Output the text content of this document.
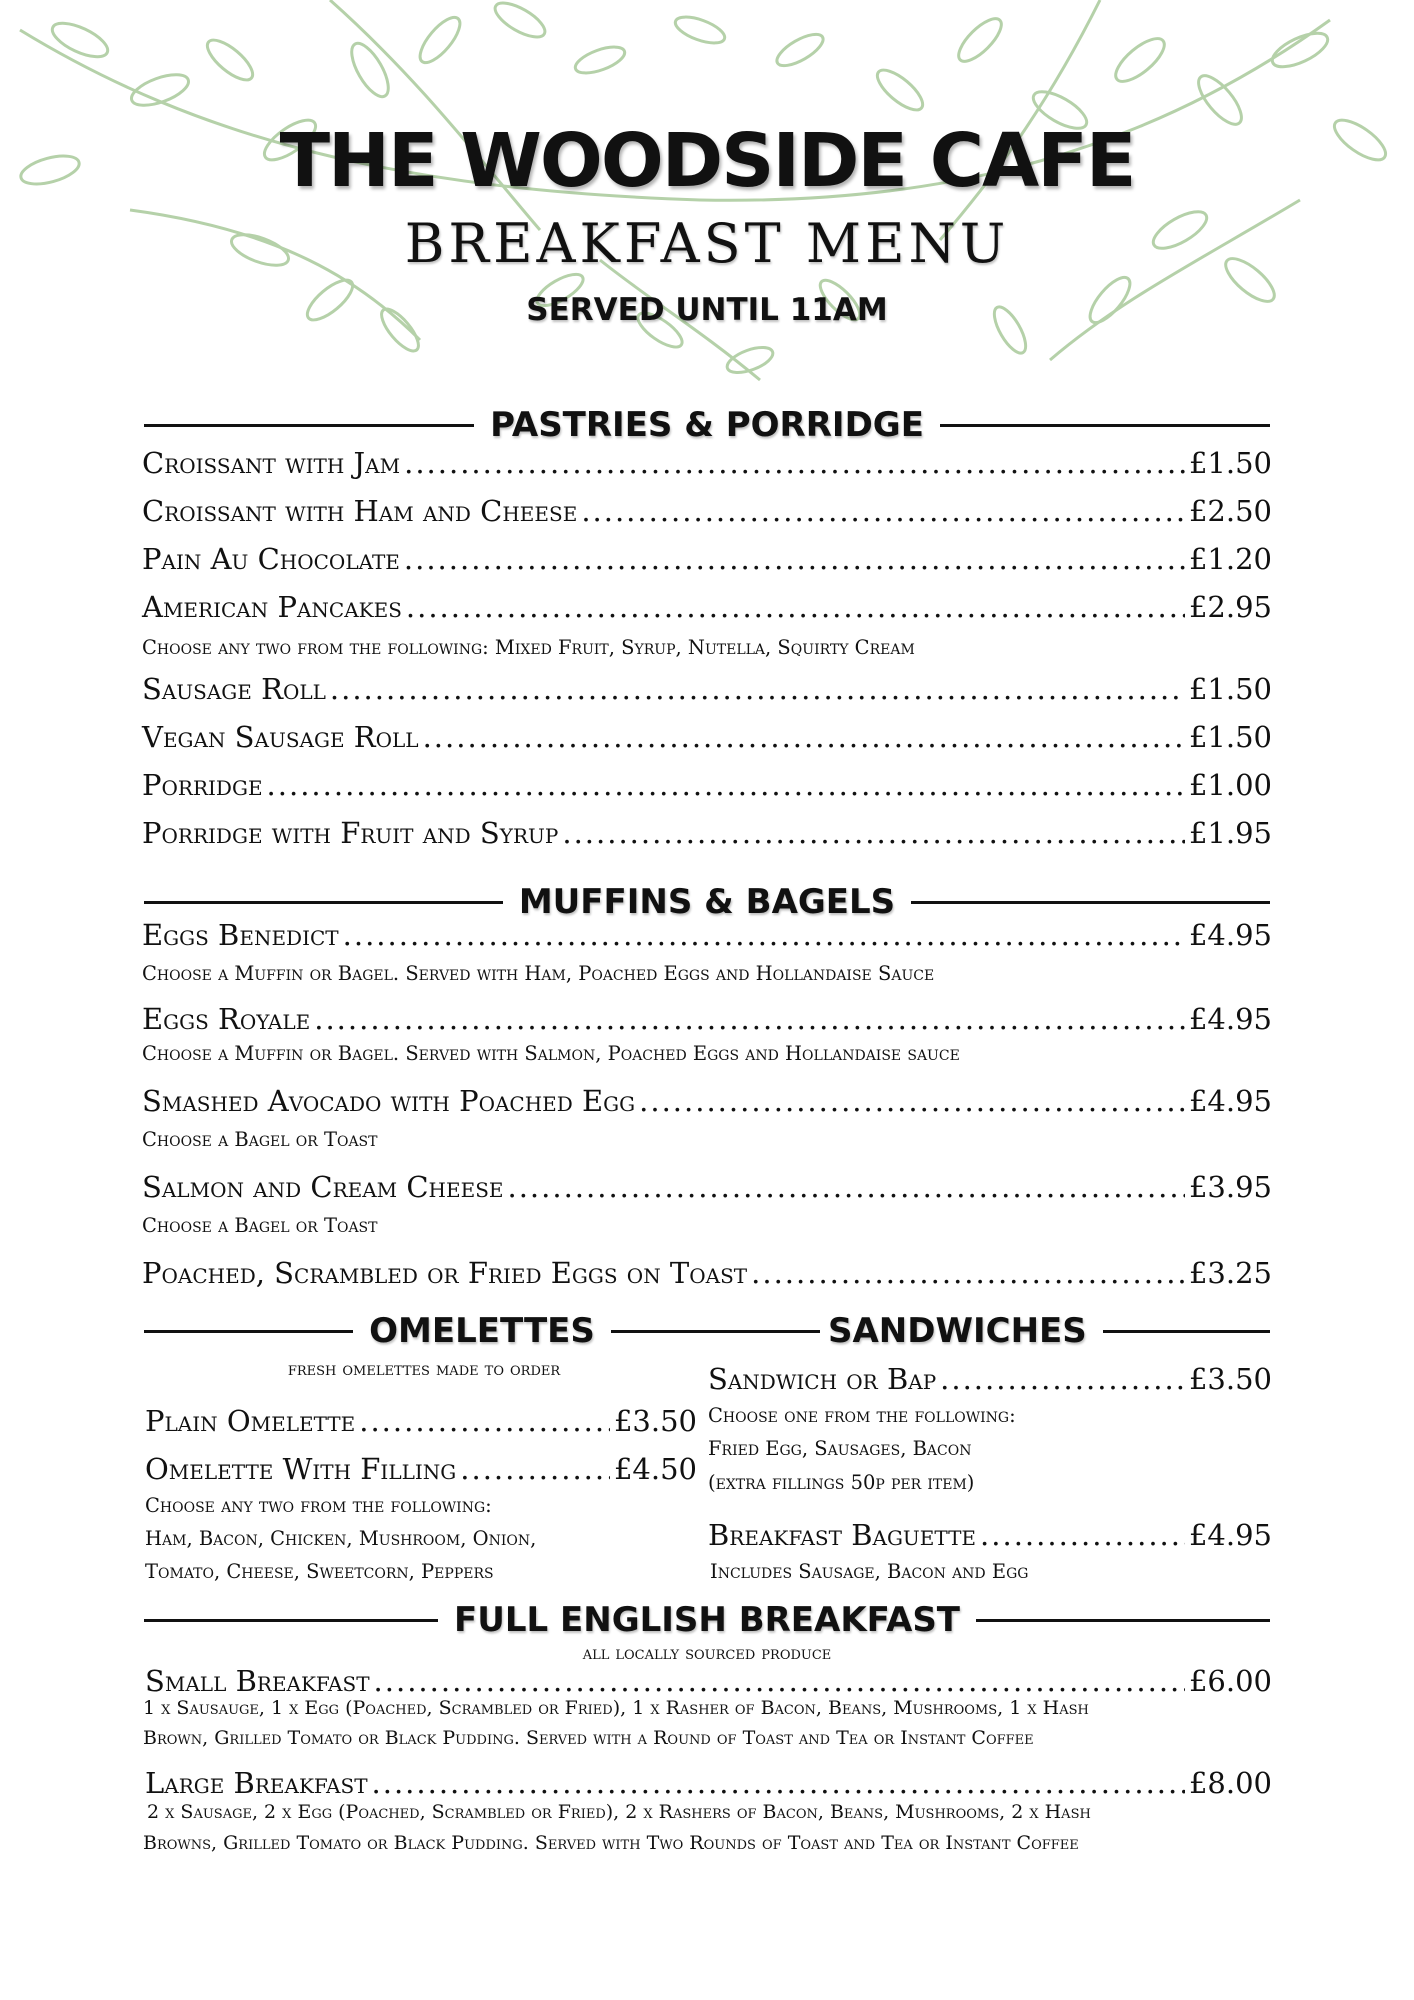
THE WOODSIDE CAFE
BREAKFAST MENU
SERVED UNTIL 11AM
PASTRIES & PORRIDGE
Croissant with Jam .....	£1.50
Croissant with Ham and Cheese .....	£2.50
Pain Au Chocolate .....	£1.20
American Pancakes .....	£2.95
Choose any two from the following: Mixed Fruit, Syrup, Nutella, Squirty Cream
Sausage Roll .....	£1.50
Vegan Sausage Roll .....	£1.50
Porridge .....	£1.00
Porridge with Fruit and Syrup .....	£1.95
MUFFINS & BAGELS
Eggs Benedict .....	£4.95
Choose a Muffin or Bagel. Served with Ham, Poached Eggs and Hollandaise Sauce
Eggs Royale .....	£4.95
Choose a Muffin or Bagel. Served with Salmon, Poached Eggs and Hollandaise sauce
Smashed Avocado with Poached Egg .....	£4.95
Choose a Bagel or Toast
Salmon and Cream Cheese .....	£3.95
Choose a Bagel or Toast
Poached, Scrambled or Fried Eggs on Toast .....	£3.25
OMELETTES
fresh omelettes made to order
Plain Omelette .....	£3.50
Omelette With Filling .....	£4.50
Choose any two from the following:
Ham, Bacon, Chicken, Mushroom, Onion,
Tomato, Cheese, Sweetcorn, Peppers
SANDWICHES
Sandwich or Bap .....	£3.50
Choose one from the following:
Fried Egg, Sausages, Bacon
(extra fillings 50p per item)
Breakfast Baguette .....	£4.95
Includes Sausage, Bacon and Egg
FULL ENGLISH BREAKFAST
all locally sourced produce
Small Breakfast .....	£6.00
1 x Sausauge, 1 x Egg (Poached, Scrambled or Fried), 1 x Rasher of Bacon, Beans, Mushrooms, 1 x Hash
Brown, Grilled Tomato or Black Pudding. Served with a Round of Toast and Tea or Instant Coffee
Large Breakfast .....	£8.00
2 x Sausage, 2 x Egg (Poached, Scrambled or Fried), 2 x Rashers of Bacon, Beans, Mushrooms, 2 x Hash
Browns, Grilled Tomato or Black Pudding. Served with Two Rounds of Toast and Tea or Instant Coffee
